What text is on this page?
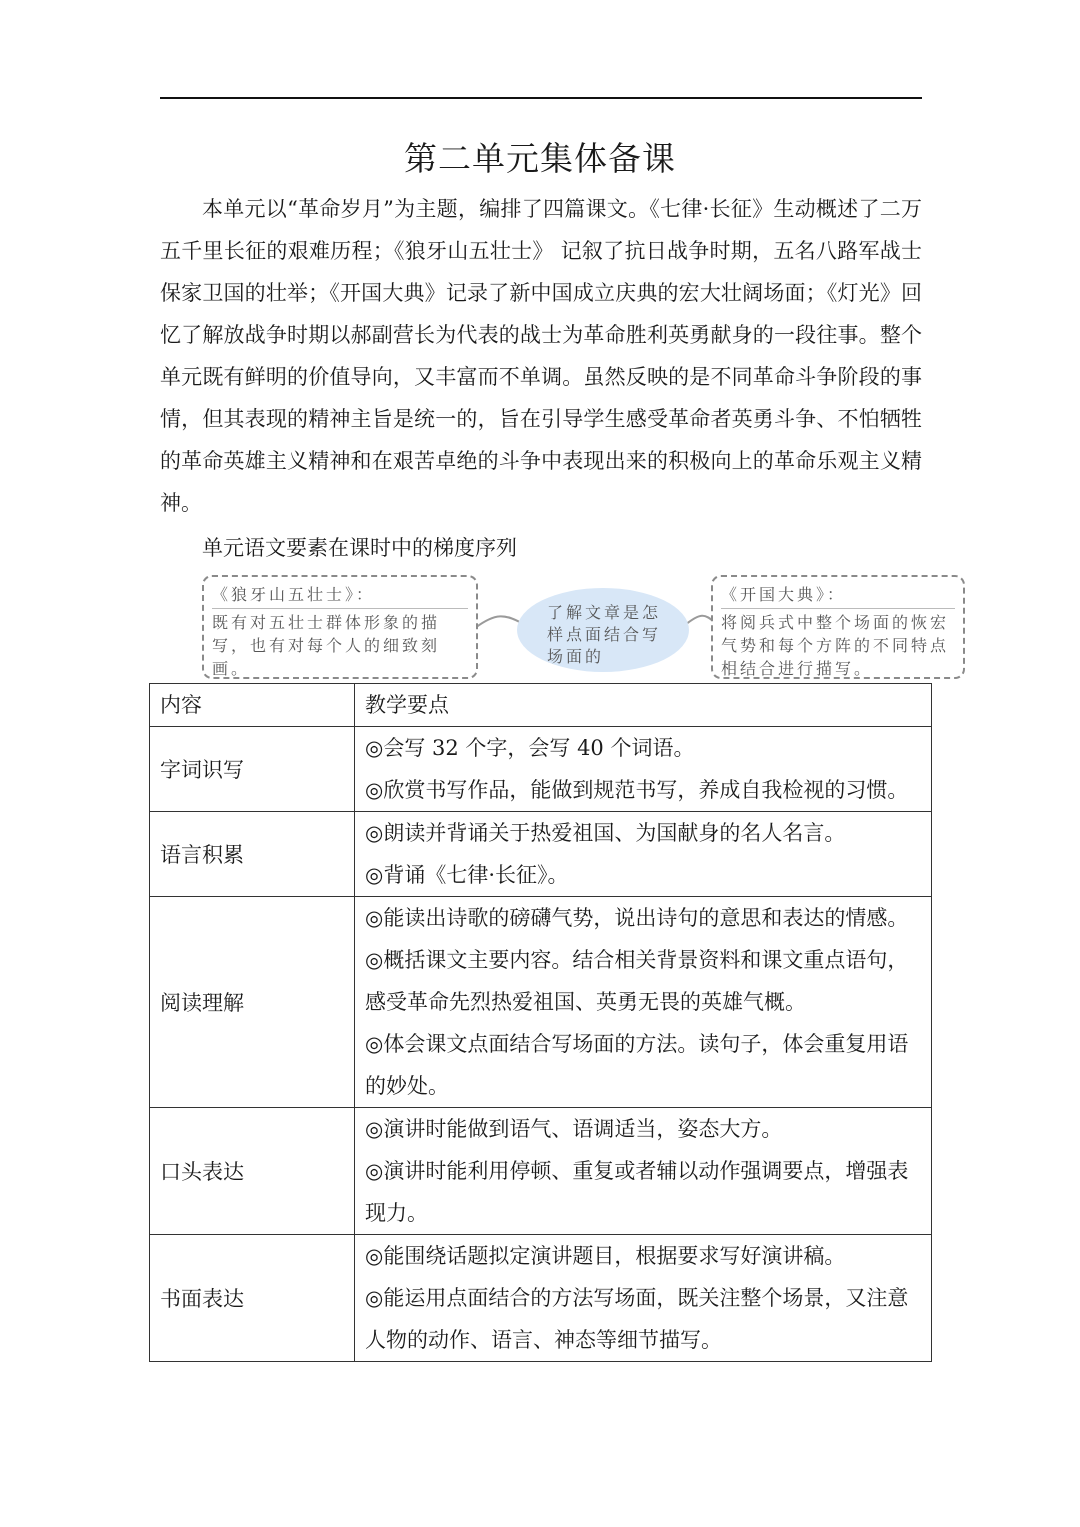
第二单元集体备课

本单元以“革命岁月”为主题，编排了四篇课文。《七律·长征》生动概述了二万五千里长征的艰难历程；《狼牙山五壮士》 记叙了抗日战争时期，五名八路军战士保家卫国的壮举；《开国大典》记录了新中国成立庆典的宏大壮阔场面；《灯光》回忆了解放战争时期以郝副营长为代表的战士为革命胜利英勇献身的一段往事。整个单元既有鲜明的价值导向，又丰富而不单调。虽然反映的是不同革命斗争阶段的事情，但其表现的精神主旨是统一的，旨在引导学生感受革命者英勇斗争、不怕牺牲的革命英雄主义精神和在艰苦卓绝的斗争中表现出来的积极向上的革命乐观主义精神。

单元语文要素在课时中的梯度序列
《狼牙山五壮士》：
既有对五壮士群体形象的描写，也有对每个人的细致刻画。
了解文章是怎样点面结合写场面的
《开国大典》：
将阅兵式中整个场面的恢宏气势和每个方阵的不同特点相结合进行描写。
内容	教学要点
字词识写	◎会写 32 个字，会写 40 个词语。
◎欣赏书写作品，能做到规范书写，养成自我检视的习惯。

语言积累	◎朗读并背诵关于热爱祖国、为国献身的名人名言。
◎背诵《七律·长征》。

阅读理解	◎能读出诗歌的磅礴气势，说出诗句的意思和表达的情感。
◎概括课文主要内容。结合相关背景资料和课文重点语句，感受革命先烈热爱祖国、英勇无畏的英雄气概。
◎体会课文点面结合写场面的方法。读句子，体会重复用语的妙处。

口头表达	◎演讲时能做到语气、语调适当，姿态大方。
◎演讲时能利用停顿、重复或者辅以动作强调要点，增强表现力。

书面表达	◎能围绕话题拟定演讲题目，根据要求写好演讲稿。
◎能运用点面结合的方法写场面，既关注整个场景，又注意人物的动作、语言、神态等细节描写。
